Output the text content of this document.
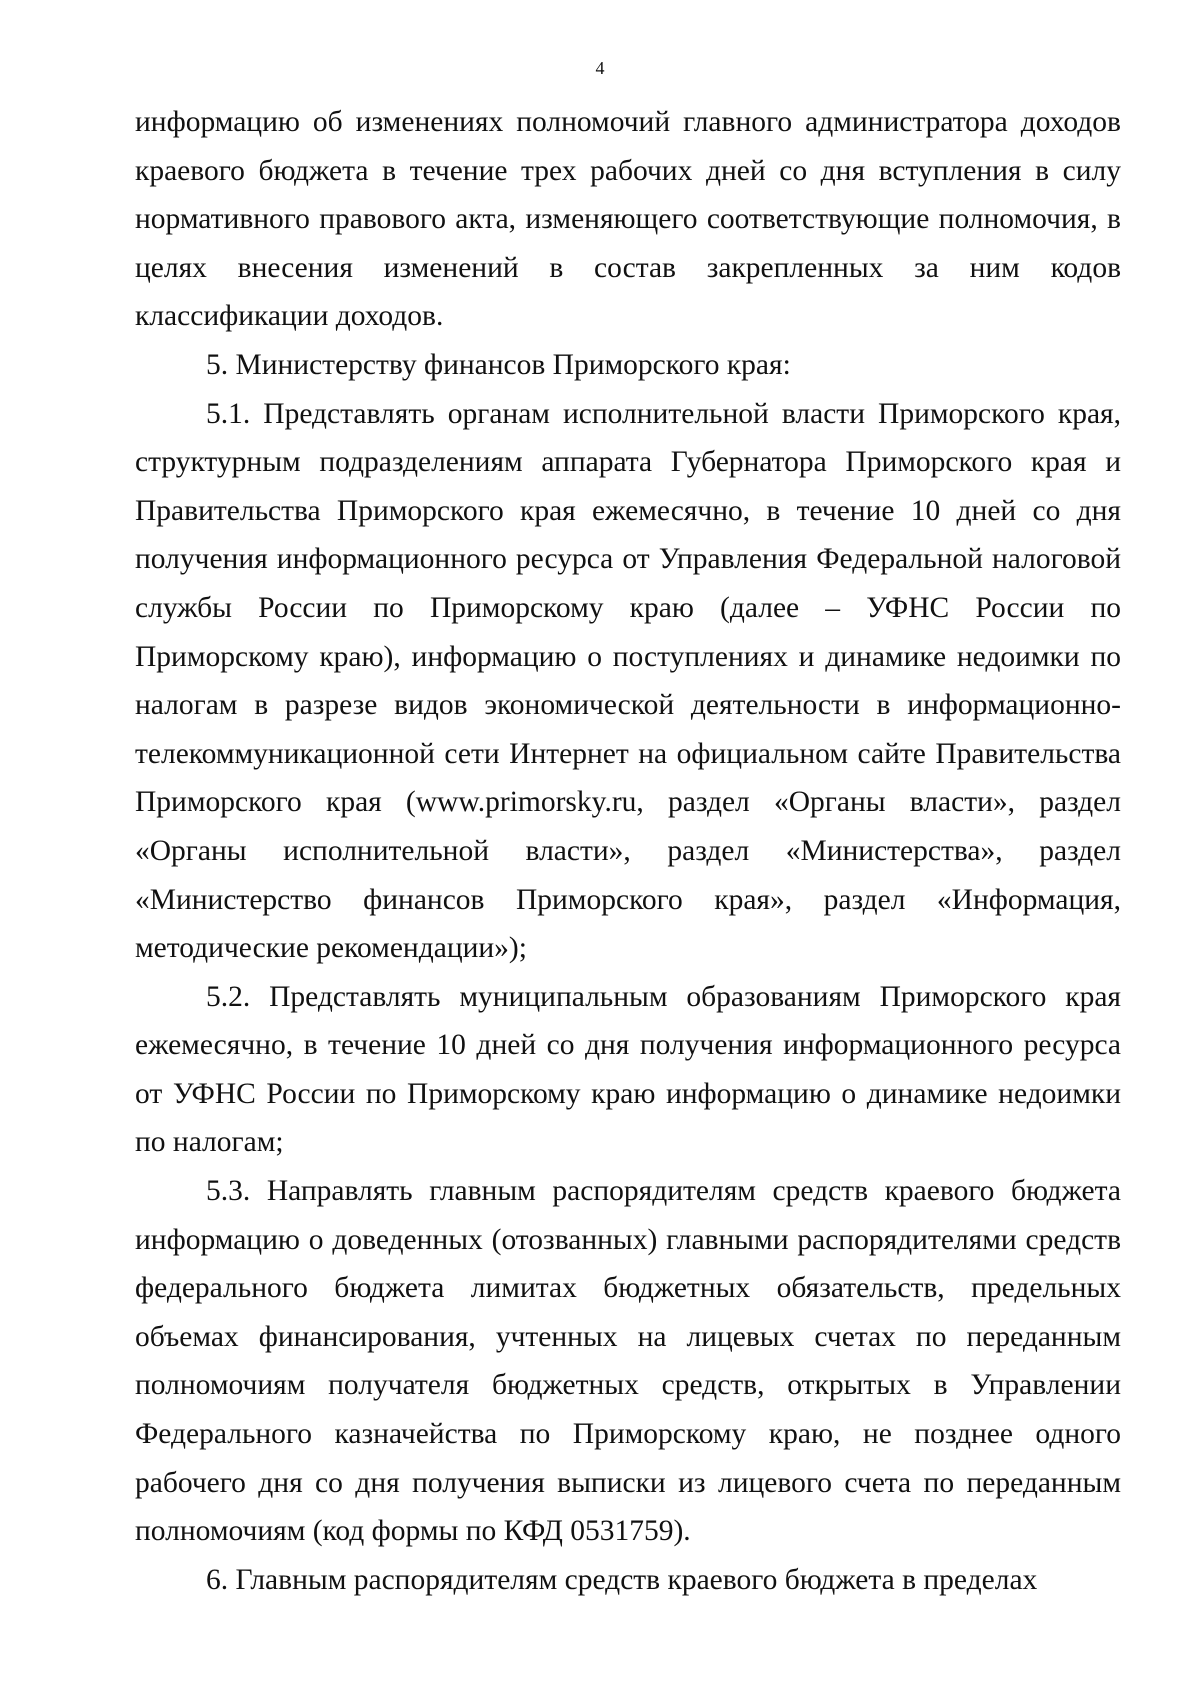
4

информацию об изменениях полномочий главного администратора доходов краевого бюджета в течение трех рабочих дней со дня вступления в силу нормативного правового акта, изменяющего соответствующие полномочия, в целях внесения изменений в состав закрепленных за ним кодов классификации доходов.

5. Министерству финансов Приморского края:

5.1. Представлять органам исполнительной власти Приморского края, структурным подразделениям аппарата Губернатора Приморского края и Правительства Приморского края ежемесячно, в течение 10 дней со дня получения информационного ресурса от Управления Федеральной налоговой службы России по Приморскому краю (далее – УФНС России по Приморскому краю), информацию о поступлениях и динамике недоимки по налогам в разрезе видов экономической деятельности в информационно-телекоммуникационной сети Интернет на официальном сайте Правительства Приморского края (www.primorsky.ru, раздел «Органы власти», раздел «Органы исполнительной власти», раздел «Министерства», раздел «Министерство финансов Приморского края», раздел «Информация, методические рекомендации»);

5.2. Представлять муниципальным образованиям Приморского края ежемесячно, в течение 10 дней со дня получения информационного ресурса от УФНС России по Приморскому краю информацию о динамике недоимки по налогам;

5.3. Направлять главным распорядителям средств краевого бюджета информацию о доведенных (отозванных) главными распорядителями средств федерального бюджета лимитах бюджетных обязательств, предельных объемах финансирования, учтенных на лицевых счетах по переданным полномочиям получателя бюджетных средств, открытых в Управлении Федерального казначейства по Приморскому краю, не позднее одного рабочего дня со дня получения выписки из лицевого счета по переданным полномочиям (код формы по КФД 0531759).

6. Главным распорядителям средств краевого бюджета в пределах
